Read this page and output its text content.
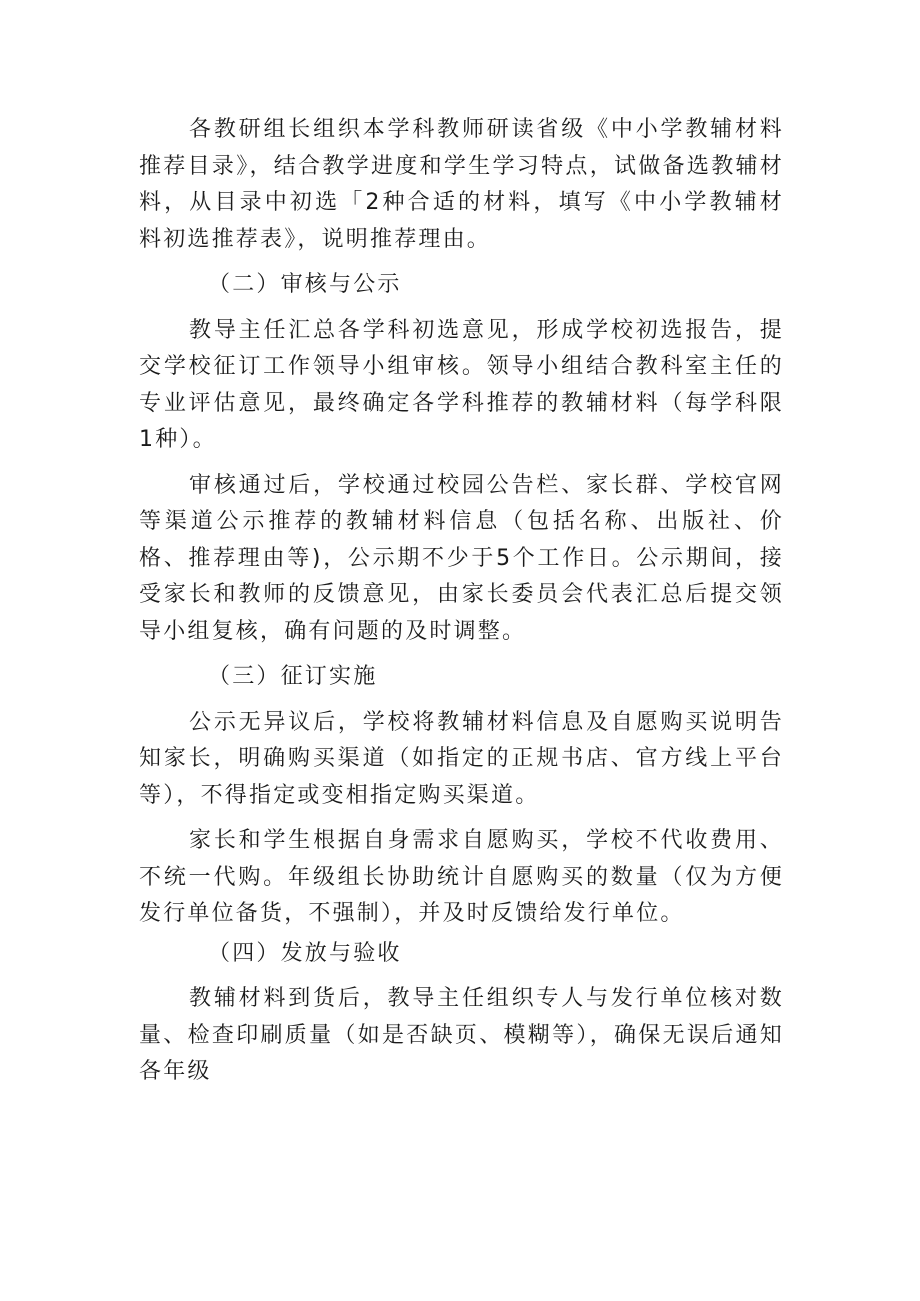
各教研组长组织本学科教师研读省级《中小学教辅材料推荐目录》，结合教学进度和学生学习特点，试做备选教辅材料，从目录中初选「2种合适的材料，填写《中小学教辅材料初选推荐表》，说明推荐理由。

（二）审核与公示

教导主任汇总各学科初选意见，形成学校初选报告，提交学校征订工作领导小组审核。领导小组结合教科室主任的专业评估意见，最终确定各学科推荐的教辅材料（每学科限1种）。

审核通过后，学校通过校园公告栏、家长群、学校官网等渠道公示推荐的教辅材料信息（包括名称、出版社、价格、推荐理由等)，公示期不少于5个工作日。公示期间，接受家长和教师的反馈意见，由家长委员会代表汇总后提交领导小组复核，确有问题的及时调整。

（三）征订实施

公示无异议后，学校将教辅材料信息及自愿购买说明告知家长，明确购买渠道（如指定的正规书店、官方线上平台等），不得指定或变相指定购买渠道。

家长和学生根据自身需求自愿购买，学校不代收费用、不统一代购。年级组长协助统计自愿购买的数量（仅为方便发行单位备货，不强制），并及时反馈给发行单位。

（四）发放与验收

教辅材料到货后，教导主任组织专人与发行单位核对数量、检查印刷质量（如是否缺页、模糊等），确保无误后通知各年级
